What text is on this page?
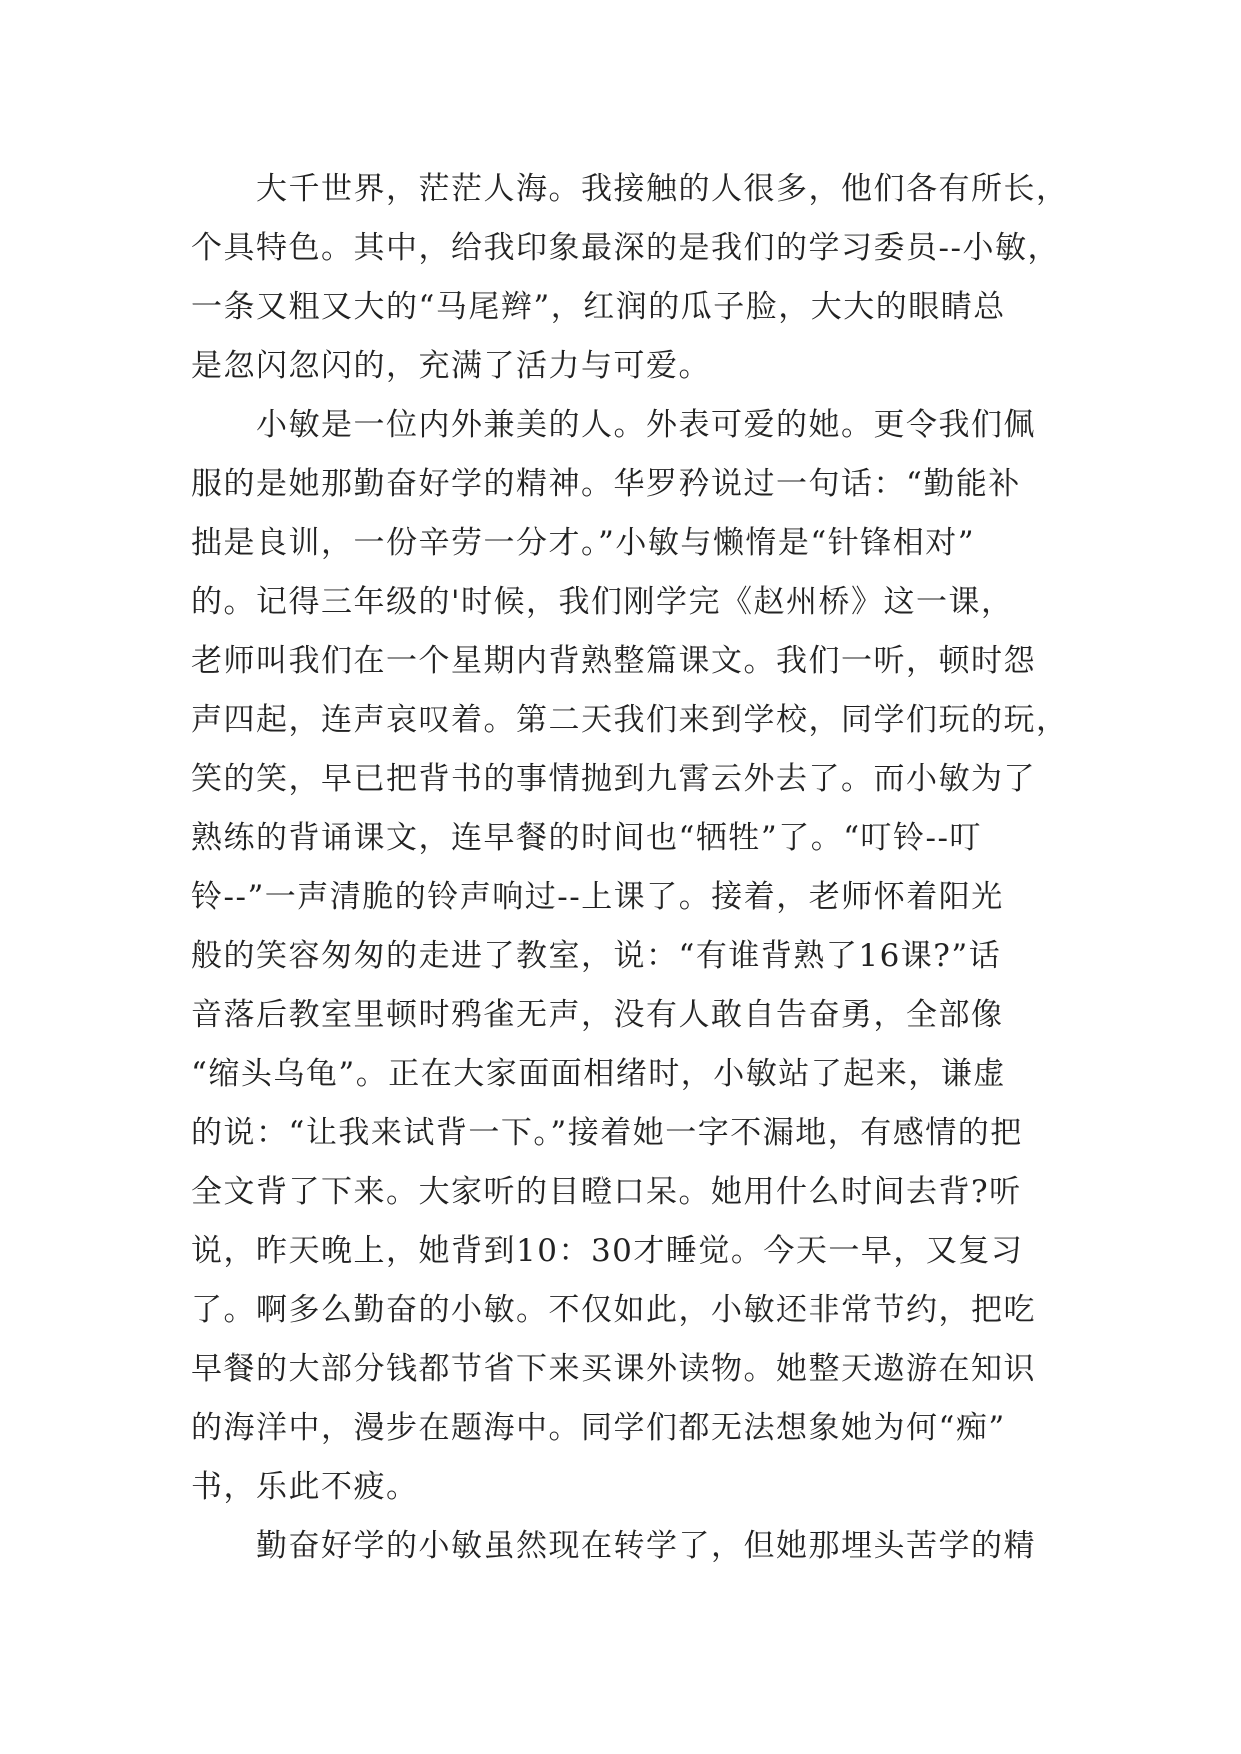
大千世界，茫茫人海。我接触的人很多，他们各有所长，
个具特色。其中，给我印象最深的是我们的学习委员--小敏，
一条又粗又大的“马尾辫”，红润的瓜子脸，大大的眼睛总
是忽闪忽闪的，充满了活力与可爱。
小敏是一位内外兼美的人。外表可爱的她。更令我们佩
服的是她那勤奋好学的精神。华罗矜说过一句话：“勤能补
拙是良训，一份辛劳一分才。”小敏与懒惰是“针锋相对”
的。记得三年级的'时候，我们刚学完《赵州桥》这一课，
老师叫我们在一个星期内背熟整篇课文。我们一听，顿时怨
声四起，连声哀叹着。第二天我们来到学校，同学们玩的玩，
笑的笑，早已把背书的事情抛到九霄云外去了。而小敏为了
熟练的背诵课文，连早餐的时间也“牺牲”了。“叮铃--叮
铃--”一声清脆的铃声响过--上课了。接着，老师怀着阳光
般的笑容匆匆的走进了教室，说：“有谁背熟了16课?”话
音落后教室里顿时鸦雀无声，没有人敢自告奋勇，全部像
“缩头乌龟”。正在大家面面相绪时，小敏站了起来，谦虚
的说：“让我来试背一下。”接着她一字不漏地，有感情的把
全文背了下来。大家听的目瞪口呆。她用什么时间去背?听
说，昨天晚上，她背到10：30才睡觉。今天一早，又复习
了。啊多么勤奋的小敏。不仅如此，小敏还非常节约，把吃
早餐的大部分钱都节省下来买课外读物。她整天遨游在知识
的海洋中，漫步在题海中。同学们都无法想象她为何“痴”
书，乐此不疲。
勤奋好学的小敏虽然现在转学了，但她那埋头苦学的精
